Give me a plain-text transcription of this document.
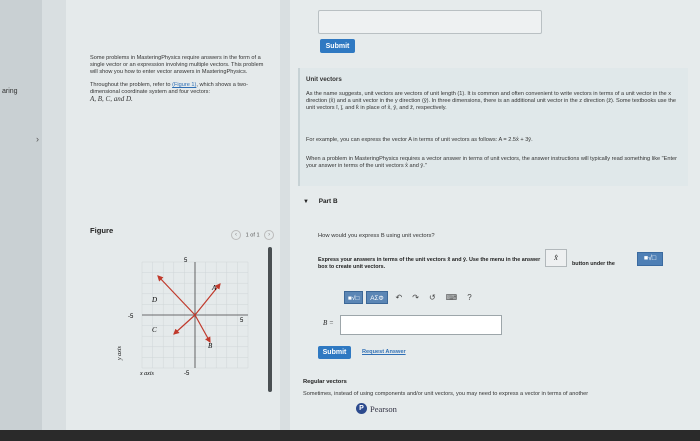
aring
›
Submit

Some problems in MasteringPhysics require answers in the form of a single vector or an expression involving multiple vectors. This problem will show you how to enter vector answers in MasteringPhysics.

Throughout the problem, refer to (Figure 1), which shows a two-dimensional coordinate system and four vectors:
A, B, C, and D.

Unit vectors
As the name suggests, unit vectors are vectors of unit length (1). It is common and often convenient to write vectors in terms of a unit vector in the x direction (x̂) and a unit vector in the y direction (ŷ). In three dimensions, there is an additional unit vector in the z direction (ẑ). Some textbooks use the unit vectors î, ĵ, and k̂ in place of x̂, ŷ, and ẑ, respectively.
For example, you can express the vector A in terms of unit vectors as follows: A = 2.5x̂ + 3ŷ.
When a problem in MasteringPhysics requires a vector answer in terms of unit vectors, the answer instructions will typically read something like "Enter your answer in terms of the unit vectors x̂ and ŷ."
▼ Part B
Figure	‹ 1 of 1 ›	How would you express B using unit vectors?
Express your answers in terms of the unit vectors x̂ and ŷ. Use the menu in the answer box to create unit vectors.
x̂
button under the
■√□
■√□	ΑΣΦ	↶ ↷ ↺ ⌨ ?
B =
Submit	Request Answer
Regular vectors
Sometimes, instead of using components and/or unit vectors, you may need to express a vector in terms of another
P Pearson
5
-5
5
-5
A
B
C
D
x axis
y axis
